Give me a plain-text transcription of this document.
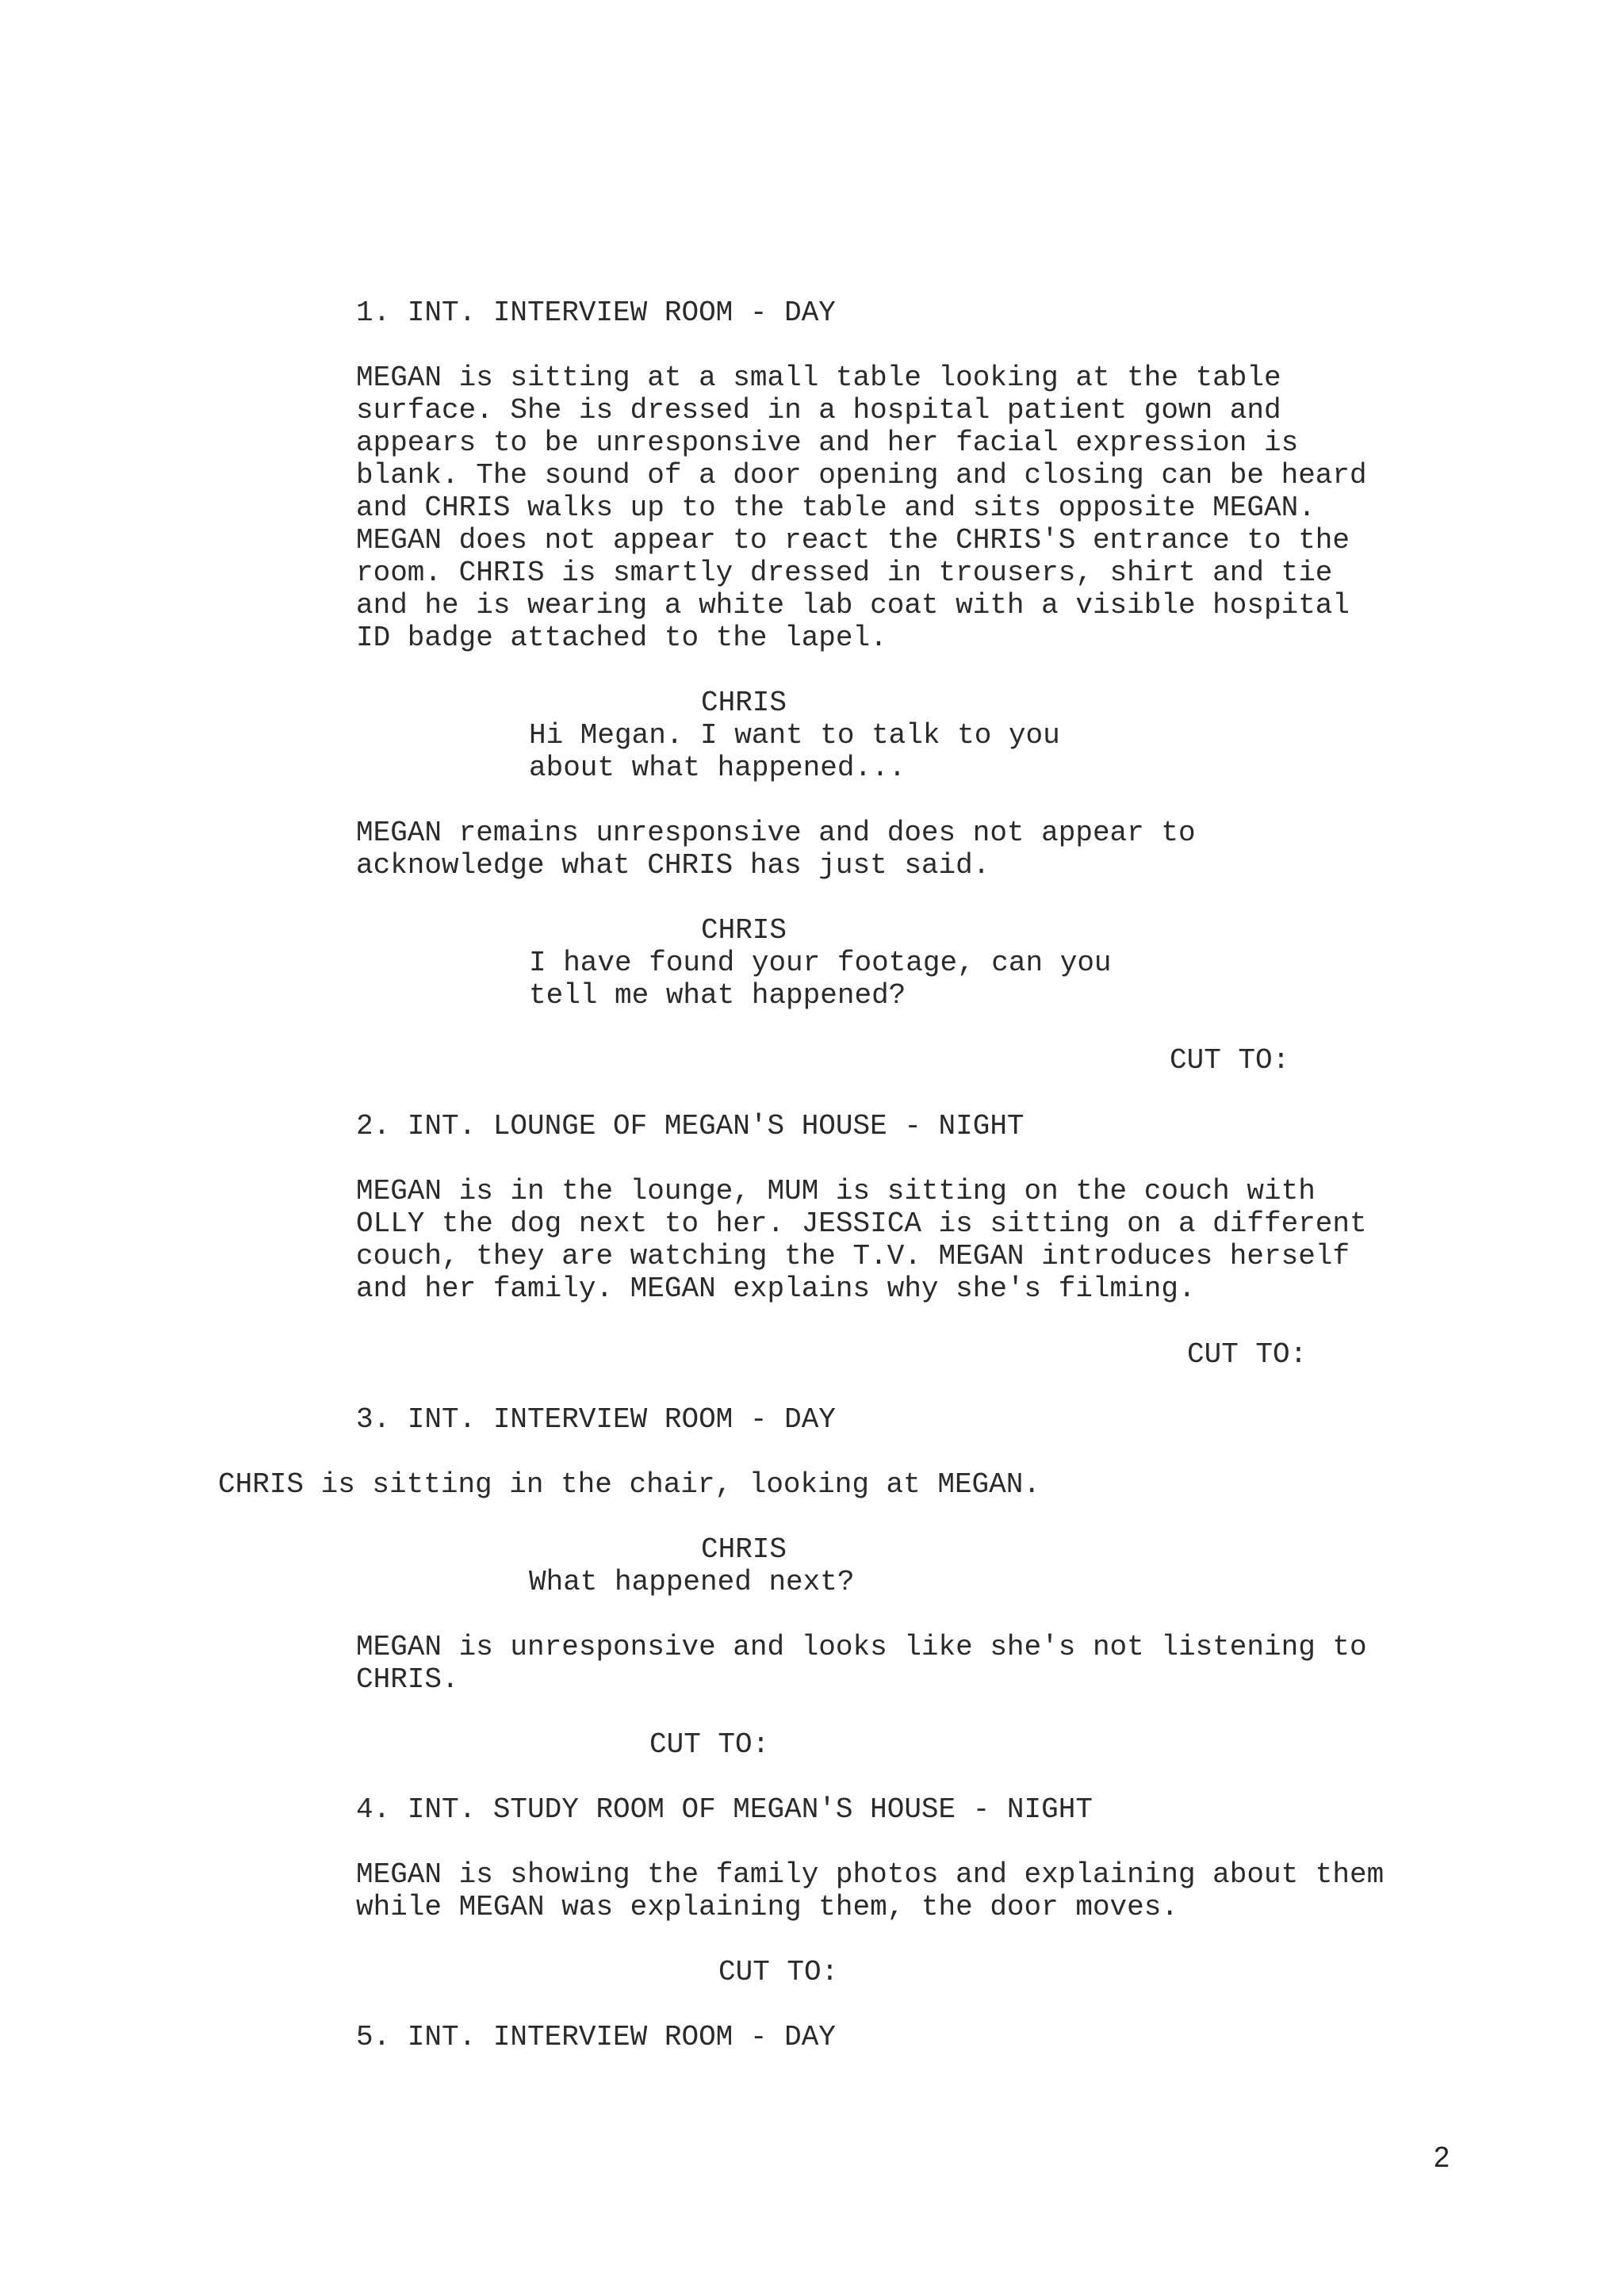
1. INT. INTERVIEW ROOM - DAY
MEGAN is sitting at a small table looking at the table
surface. She is dressed in a hospital patient gown and
appears to be unresponsive and her facial expression is
blank. The sound of a door opening and closing can be heard
and CHRIS walks up to the table and sits opposite MEGAN.
MEGAN does not appear to react the CHRIS'S entrance to the
room. CHRIS is smartly dressed in trousers, shirt and tie
and he is wearing a white lab coat with a visible hospital
ID badge attached to the lapel.
CHRIS
Hi Megan. I want to talk to you
about what happened...
MEGAN remains unresponsive and does not appear to
acknowledge what CHRIS has just said.
CHRIS
I have found your footage, can you
tell me what happened?
CUT TO:
2. INT. LOUNGE OF MEGAN'S HOUSE - NIGHT
MEGAN is in the lounge, MUM is sitting on the couch with
OLLY the dog next to her. JESSICA is sitting on a different
couch, they are watching the T.V. MEGAN introduces herself
and her family. MEGAN explains why she's filming.
CUT TO:
3. INT. INTERVIEW ROOM - DAY
CHRIS is sitting in the chair, looking at MEGAN.
CHRIS
What happened next?
MEGAN is unresponsive and looks like she's not listening to
CHRIS.
CUT TO:
4. INT. STUDY ROOM OF MEGAN'S HOUSE - NIGHT
MEGAN is showing the family photos and explaining about them
while MEGAN was explaining them, the door moves.
CUT TO:
5. INT. INTERVIEW ROOM - DAY
2
